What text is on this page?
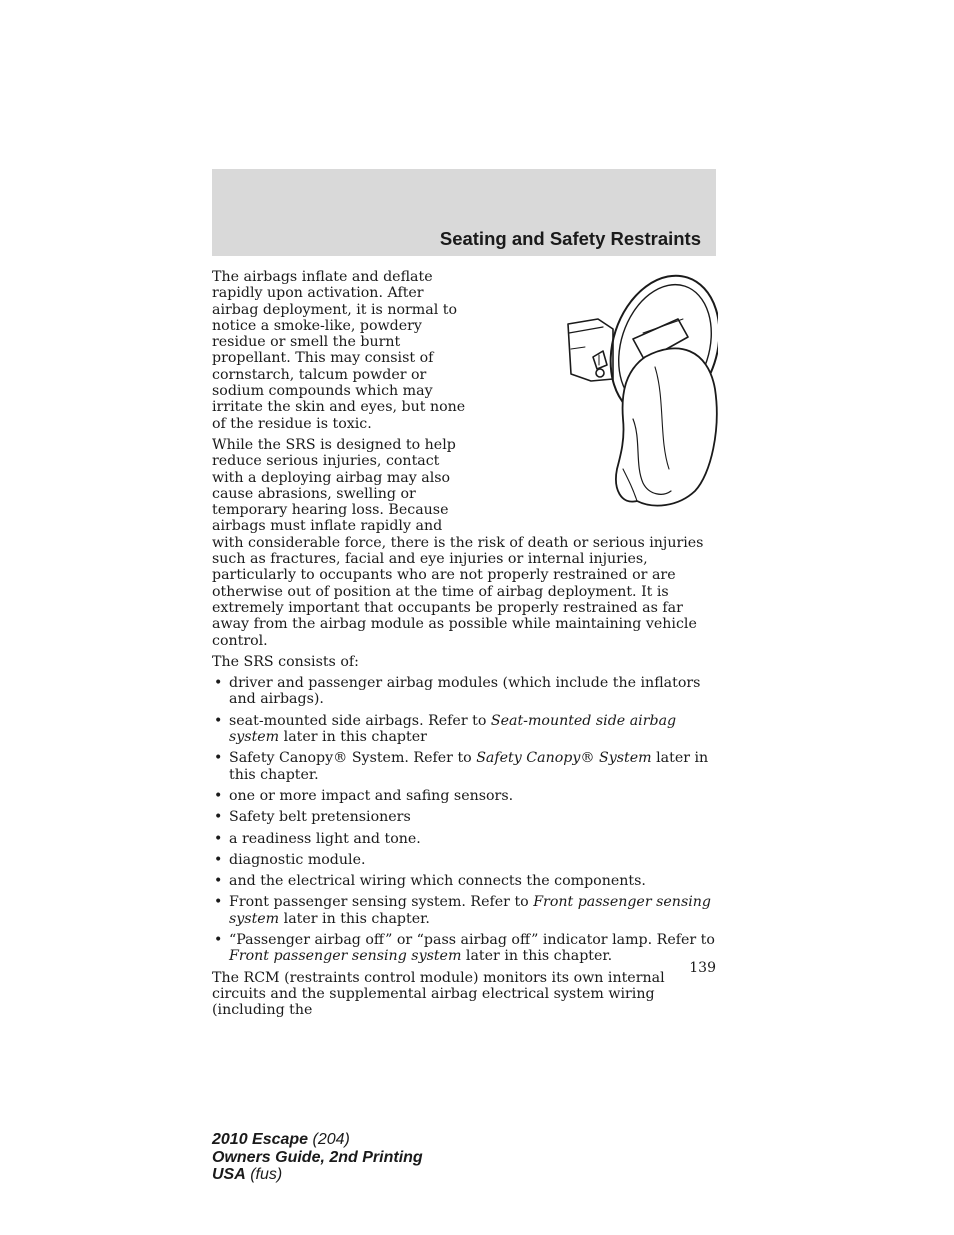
Seating and Safety Restraints

The airbags inflate and deflate rapidly upon activation. After airbag deployment, it is normal to notice a smoke-like, powdery residue or smell the burnt propellant. This may consist of cornstarch, talcum powder or sodium compounds which may irritate the skin and eyes, but none of the residue is toxic.

While the SRS is designed to help reduce serious injuries, contact with a deploying airbag may also cause abrasions, swelling or temporary hearing loss. Because airbags must inflate rapidly and with considerable force, there is the risk of death or serious injuries such as fractures, facial and eye injuries or internal injuries, particularly to occupants who are not properly restrained or are otherwise out of position at the time of airbag deployment. It is extremely important that occupants be properly restrained as far away from the airbag module as possible while maintaining vehicle control.

The SRS consists of:

• driver and passenger airbag modules (which include the inflators and airbags).
• seat-mounted side airbags. Refer to Seat-mounted side airbag system later in this chapter
• Safety Canopy® System. Refer to Safety Canopy® System later in this chapter.
• one or more impact and safing sensors.
• Safety belt pretensioners
• a readiness light and tone.
• diagnostic module.
• and the electrical wiring which connects the components.
• Front passenger sensing system. Refer to Front passenger sensing system later in this chapter.
• “Passenger airbag off” or “pass airbag off” indicator lamp. Refer to Front passenger sensing system later in this chapter.

The RCM (restraints control module) monitors its own internal circuits and the supplemental airbag electrical system wiring (including the

139
2010 Escape (204)
Owners Guide, 2nd Printing
USA (fus)
